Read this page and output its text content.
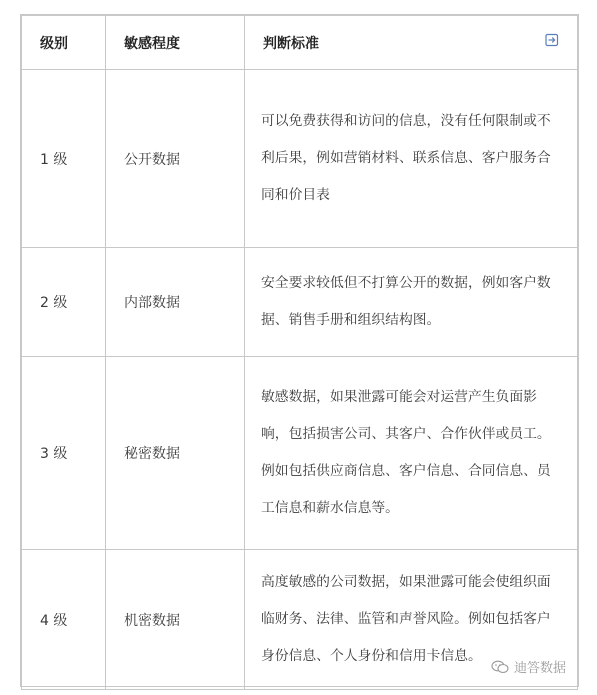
级别	敏感程度	判断标准

1 级	公开数据	可以免费获得和访问的信息，没有任何限制或不利后果，例如营销材料、联系信息、客户服务合同和价目表
2 级	内部数据	安全要求较低但不打算公开的数据，例如客户数据、销售手册和组织结构图。
3 级	秘密数据	敏感数据，如果泄露可能会对运营产生负面影响，包括损害公司、其客户、合作伙伴或员工。例如包括供应商信息、客户信息、合同信息、员工信息和薪水信息等。
4 级	机密数据	高度敏感的公司数据，如果泄露可能会使组织面临财务、法律、监管和声誉风险。例如包括客户身份信息、个人身份和信用卡信息。
迪答数据
